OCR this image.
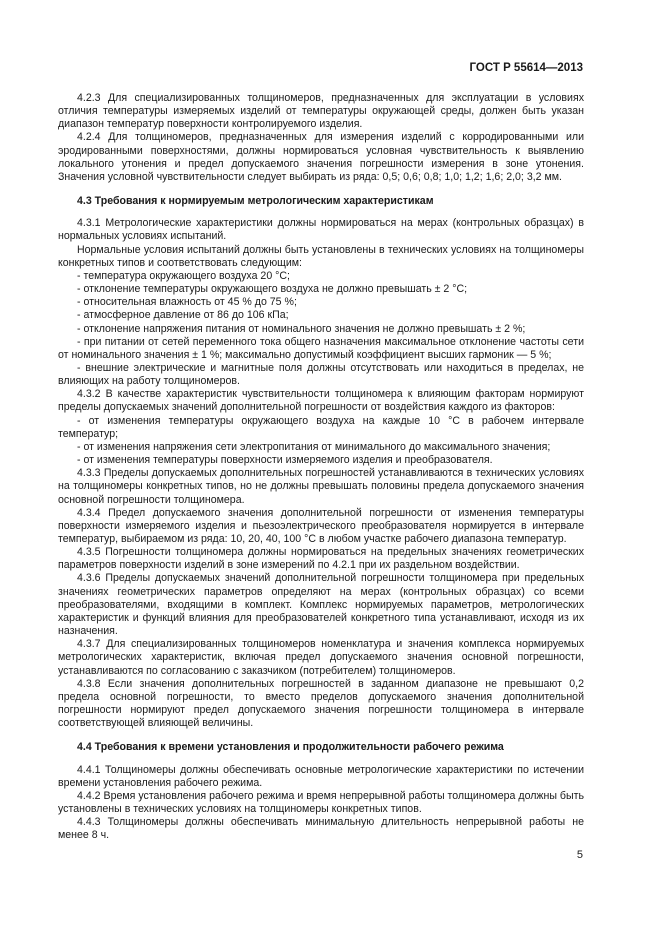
ГОСТ Р 55614—2013

4.2.3 Для специализированных толщиномеров, предназначенных для эксплуатации в условиях отличия температуры измеряемых изделий от температуры окружающей среды, должен быть указан диапазон температур поверхности контролируемого изделия.

4.2.4 Для толщиномеров, предназначенных для измерения изделий с корродированными или эродированными поверхностями, должны нормироваться условная чувствительность к выявлению локального утонения и предел допускаемого значения погрешности измерения в зоне утонения. Значения условной чувствительности следует выбирать из ряда: 0,5; 0,6; 0,8; 1,0; 1,2; 1,6; 2,0; 3,2 мм.

4.3 Требования к нормируемым метрологическим характеристикам

4.3.1 Метрологические характеристики должны нормироваться на мерах (контрольных образцах) в нормальных условиях испытаний.

Нормальные условия испытаний должны быть установлены в технических условиях на толщиномеры конкретных типов и соответствовать следующим:

- температура окружающего воздуха 20 °С;

- отклонение температуры окружающего воздуха не должно превышать ± 2 °С;

- относительная влажность от 45 % до 75 %;

- атмосферное давление от 86 до 106 кПа;

- отклонение напряжения питания от номинального значения не должно превышать ± 2 %;

- при питании от сетей переменного тока общего назначения максимальное отклонение частоты сети от номинального значения ± 1 %; максимально допустимый коэффициент высших гармоник — 5 %;

- внешние электрические и магнитные поля должны отсутствовать или находиться в пределах, не влияющих на работу толщиномеров.

4.3.2 В качестве характеристик чувствительности толщиномера к влияющим факторам нормируют пределы допускаемых значений дополнительной погрешности от воздействия каждого из факторов:

- от изменения температуры окружающего воздуха на каждые 10 °С в рабочем интервале температур;

- от изменения напряжения сети электропитания от минимального до максимального значения;

- от изменения температуры поверхности измеряемого изделия и преобразователя.

4.3.3 Пределы допускаемых дополнительных погрешностей устанавливаются в технических условиях на толщиномеры конкретных типов, но не должны превышать половины предела допускаемого значения основной погрешности толщиномера.

4.3.4 Предел допускаемого значения дополнительной погрешности от изменения температуры поверхности измеряемого изделия и пьезоэлектрического преобразователя нормируется в интервале температур, выбираемом из ряда: 10, 20, 40, 100 °С в любом участке рабочего диапазона температур.

4.3.5 Погрешности толщиномера должны нормироваться на предельных значениях геометрических параметров поверхности изделий в зоне измерений по 4.2.1 при их раздельном воздействии.

4.3.6 Пределы допускаемых значений дополнительной погрешности толщиномера при предельных значениях геометрических параметров определяют на мерах (контрольных образцах) со всеми преобразователями, входящими в комплект. Комплекс нормируемых параметров, метрологических характеристик и функций влияния для преобразователей конкретного типа устанавливают, исходя из их назначения.

4.3.7 Для специализированных толщиномеров номенклатура и значения комплекса нормируемых метрологических характеристик, включая предел допускаемого значения основной погрешности, устанавливаются по согласованию с заказчиком (потребителем) толщиномеров.

4.3.8 Если значения дополнительных погрешностей в заданном диапазоне не превышают 0,2 предела основной погрешности, то вместо пределов допускаемого значения дополнительной погрешности нормируют предел допускаемого значения погрешности толщиномера в интервале соответствующей влияющей величины.

4.4 Требования к времени установления и продолжительности рабочего режима

4.4.1 Толщиномеры должны обеспечивать основные метрологические характеристики по истечении времени установления рабочего режима.

4.4.2 Время установления рабочего режима и время непрерывной работы толщиномера должны быть установлены в технических условиях на толщиномеры конкретных типов.

4.4.3 Толщиномеры должны обеспечивать минимальную длительность непрерывной работы не менее 8 ч.

5
